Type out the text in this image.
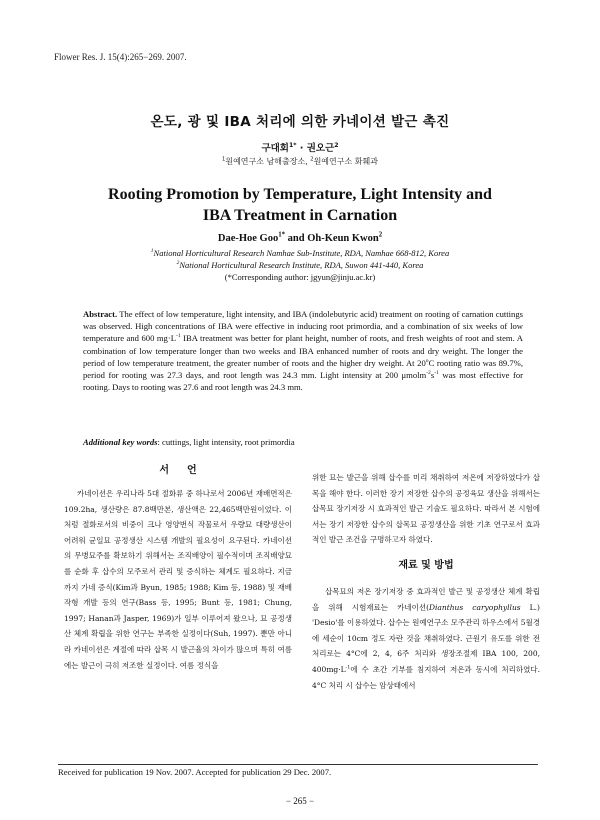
Flower Res. J. 15(4):265−269. 2007.
온도, 광 및 IBA 처리에 의한 카네이션 발근 촉진
구대회$^{1*}$ · 권오근$^2$
$^1$원예연구소 남해출장소, $^2$원예연구소 화훼과
Rooting Promotion by Temperature, Light Intensity and
IBA Treatment in Carnation
Dae-Hoe Goo$^{1*}$ and Oh-Keun Kwon$^2$
$^1$National Horticultural Research Namhae Sub-Institute, RDA, Namhae 668-812, Korea
$^2$National Horticultural Research Institute, RDA, Suwon 441-440, Korea
(*Corresponding author: jgyun@jinju.ac.kr)
Abstract. The effect of low temperature, light intensity, and IBA (indolebutyric acid) treatment on rooting of carnation cuttings was observed. High concentrations of IBA were effective in inducing root primordia, and a combination of six weeks of low temperature and 600 $mg\cdot L^{-1}$ IBA treatment was better for plant height, number of roots, and fresh weights of root and stem. A combination of low temperature longer than two weeks and IBA enhanced number of roots and dry weight. The longer the period of low temperature treatment, the greater number of roots and the higher dry weight. At 20$^o$C rooting ratio was 89.7%, period for rooting was 27.3 days, and root length was 24.3 mm. Light intensity at 200 $\mu molm^{-2}s^{-1}$ was most effective for rooting. Days to rooting was 27.6 and root length was 24.3 mm.
Additional key words: cuttings, light intensity, root primordia
서언

카네이션은 우리나라 5대 절화류 중 하나로서 2006년 재배면적은 109.2ha, 생산량은 87.8백만본, 생산액은 22,465백만원이었다. 이처럼 절화로서의 비중이 크나 영양번식 작물로서 우량묘 대량생산이 어려워 균일묘 공정생산 시스템 개발의 필요성이 요구된다. 카네이션의 무병묘주를 확보하기 위해서는 조직배양이 필수적이며 조직배양묘를 순화 후 삽수의 모주로서 관리 및 증식하는 체계도 필요하다. 지금까지 가네 증식(Kim과 Byun, 1985; 1988; Kim 등, 1988) 및 재배작형 개발 등의 연구(Bass 등, 1995; Bunt 등, 1981; Chung, 1997; Hanan과 Jasper, 1969)가 일부 이루어져 왔으나, 묘 공정생산 체계 확립을 위한 연구는 부족한 실정이다(Suh, 1997). 뿐만 아니라 카네이션은 계절에 따라 삽목 시 발근율의 차이가 많으며 특히 여름에는 발근이 극히 저조한 실정이다. 여름 정식을

위한 묘는 발근을 위해 삽수를 미리 채취하여 저온에 저장하였다가 삽목을 해야 한다. 이러한 장기 저장한 삽수의 공정육묘 생산을 위해서는 삽목묘 장기저장 시 효과적인 발근 기술도 필요하다. 따라서 본 시험에서는 장기 저장한 삽수의 삽목묘 공정생산을 위한 기초 연구로서 효과적인 발근 조건을 구명하고자 하였다.

재료 및 방법

삽목묘의 저온 장기저장 중 효과적인 발근 및 공정생산 체계 확립을 위해 시험재료는 카네이션(Dianthus caryophyllus L.) 'Desio'를 이용하였다. 삽수는 원예연구소 모주관리 하우스에서 5월경에 세순이 10cm 정도 자란 것을 채취하였다. 근원기 유도를 위한 전처리로는 4°C에 2, 4, 6주 처리와 생장조절제 IBA 100, 200, $400mg\cdot L^{-1}$에 수 초간 기부를 침지하여 저온과 동시에 처리하였다. 4°C 처리 시 삽수는 암상태에서

Received for publication 19 Nov. 2007. Accepted for publication 29 Dec. 2007.
− 265 −
